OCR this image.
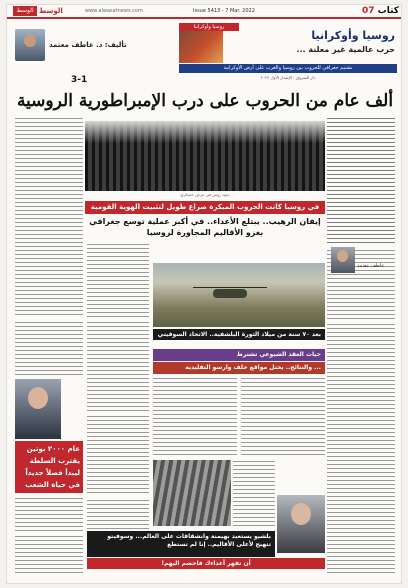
الوسط الوسط	www.alwasatnews.com	Issue 5413 - 7 Mar. 2022	كتاب 07
تأليف: د. عاطف معتمد
3-1
روسيا وأوكرانيا
روسيا وأوكرانيا
... حرب عالمية غير معلنة
تشتيم جغرافي للحروب بين روسيا والغرب على أرض الأوكرانية
دار الشروق - الإصدار الأول ٢٠٢٢
ألف عام من الحروب على درب الإمبراطورية الروسية
جنود روس في عرض عسكري
في روسيا كانت الحروب المبكرة صراع طويل لتثبيت الهوية القومية
إيفان الرهيب.. يبتلع الأعداء.. في أكبر عملية توسع جغرافي بغزو الأقاليم المجاورة لروسيا
عاطف معتمد
بعد ٧٠ سنة من ميلاد الثورة البلشفية.. الاتحاد السوفيتي يشهد زلزالاً
حيات العقد الشيوعي تشترط
... والنتائج.. يحتل مواقع حلف وارسو التقليدية
عام ٢٠٠٠ بوتين يقترب السلطة ليبدأ فصلاً جديداً في حياة الشعب
بلشيو يستعيد بهيمنة وانشقاقات على العالم... وسوفيتو تتهيج لأعلى الأقاليم.. إنا لم تستطع
أن تقهر أعداءك فاحضم اليهم!
